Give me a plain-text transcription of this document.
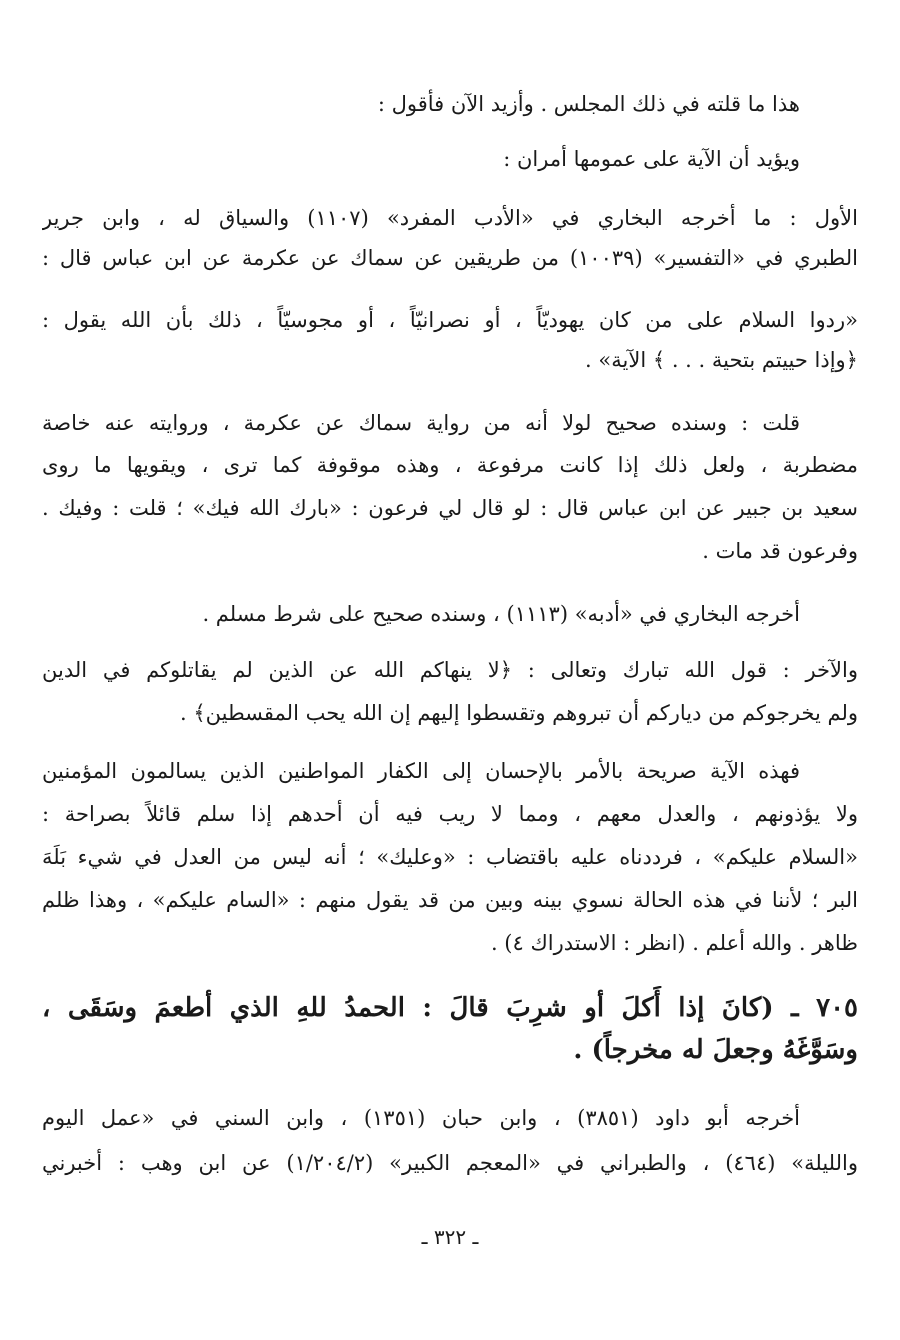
هذا ما قلته في ذلك المجلس . وأزيد الآن فأقول :
ويؤيد أن الآية على عمومها أمران :
الأول : ما أخرجه البخاري في «الأدب المفرد» (١١٠٧) والسياق له ، وابن جرير
الطبري في «التفسير» (١٠٠٣٩) من طريقين عن سماك عن عكرمة عن ابن عباس قال :
«ردوا السلام على من كان يهوديّاً ، أو نصرانيّاً ، أو مجوسيّاً ، ذلك بأن الله يقول :
﴿وإذا حييتم بتحية . . . ﴾ الآية» .
قلت : وسنده صحيح لولا أنه من رواية سماك عن عكرمة ، وروايته عنه خاصة
مضطربة ، ولعل ذلك إذا كانت مرفوعة ، وهذه موقوفة كما ترى ، ويقويها ما روى
سعيد بن جبير عن ابن عباس قال : لو قال لي فرعون : «بارك الله فيك» ؛ قلت : وفيك .
وفرعون قد مات .
أخرجه البخاري في «أدبه» (١١١٣) ، وسنده صحيح على شرط مسلم .
والآخر : قول الله تبارك وتعالى : ﴿لا ينهاكم الله عن الذين لم يقاتلوكم في الدين
ولم يخرجوكم من دياركم أن تبروهم وتقسطوا إليهم إن الله يحب المقسطين﴾ .
فهذه الآية صريحة بالأمر بالإحسان إلى الكفار المواطنين الذين يسالمون المؤمنين
ولا يؤذونهم ، والعدل معهم ، ومما لا ريب فيه أن أحدهم إذا سلم قائلاً بصراحة :
«السلام عليكم» ، فرددناه عليه باقتضاب : «وعليك» ؛ أنه ليس من العدل في شيء بَلَهَ
البر ؛ لأننا في هذه الحالة نسوي بينه وبين من قد يقول منهم : «السام عليكم» ، وهذا ظلم
ظاهر . والله أعلم . (انظر : الاستدراك ٤) .
٧٠٥ ـ (كانَ إذا أَكلَ أو شرِبَ قالَ : الحمدُ للهِ الذي أطعمَ وسَقَى ،
وسَوَّغَهُ وجعلَ له مخرجاً) .
أخرجه أبو داود (٣٨٥١) ، وابن حبان (١٣٥١) ، وابن السني في «عمل اليوم
والليلة» (٤٦٤) ، والطبراني في «المعجم الكبير» (١/٢٠٤/٢) عن ابن وهب : أخبرني
ـ ٣٢٢ ـ
